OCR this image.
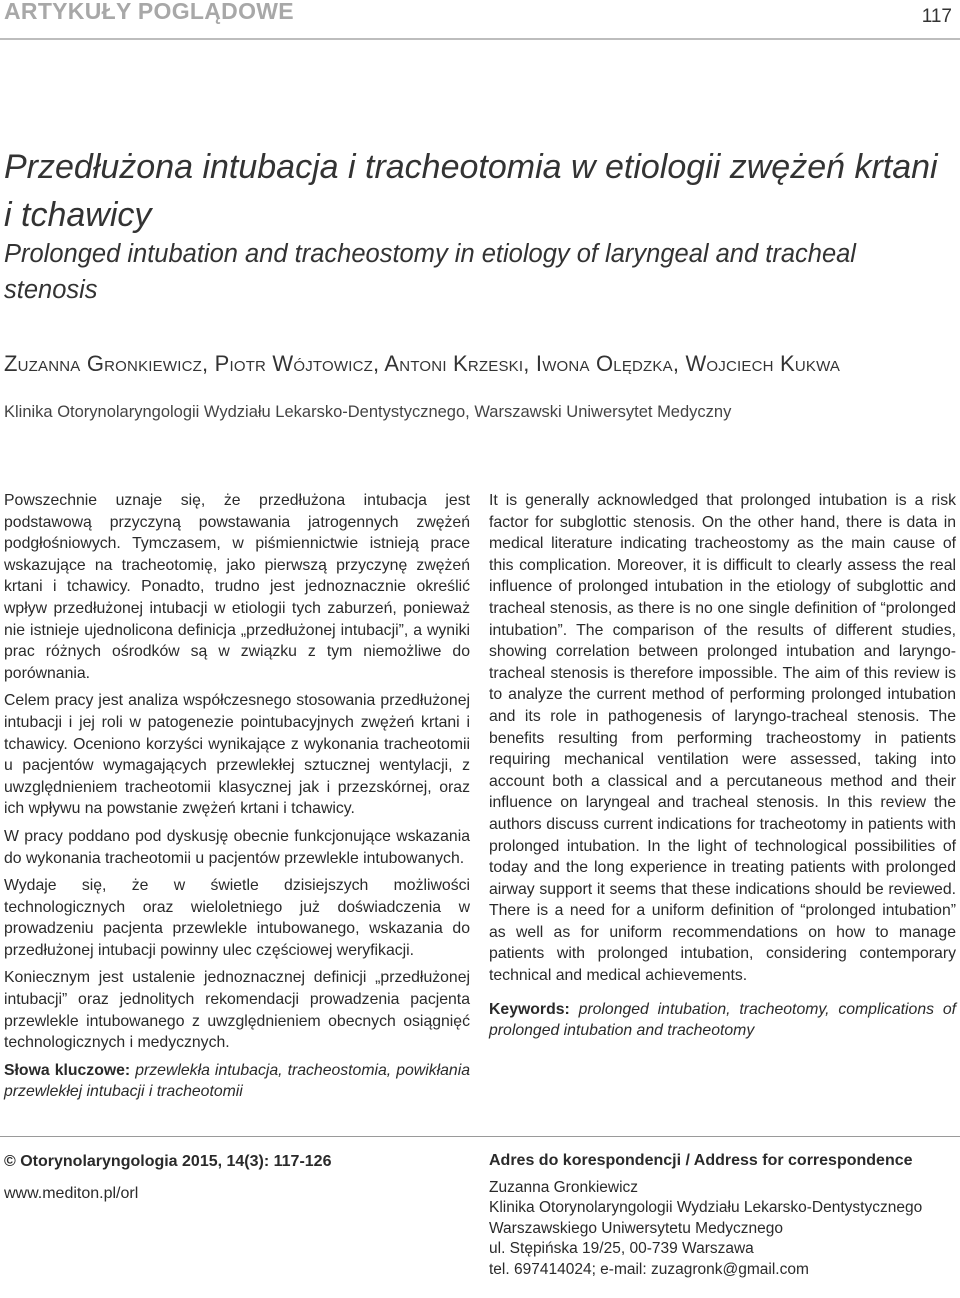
ARTYKUŁY POGLĄDOWE	117
Przedłużona intubacja i tracheotomia w etiologii zwężeń krtani i tchawicy
Prolonged intubation and tracheostomy in etiology of laryngeal and tracheal stenosis
Zuzanna Gronkiewicz, Piotr Wójtowicz, Antoni Krzeski, Iwona Olędzka, Wojciech Kukwa
Klinika Otorynolaryngologii Wydziału Lekarsko-Dentystycznego, Warszawski Uniwersytet Medyczny

Powszechnie uznaje się, że przedłużona intubacja jest podstawową przyczyną powstawania jatrogennych zwężeń podgłośniowych. Tymczasem, w piśmiennictwie istnieją prace wskazujące na tracheotomię, jako pierwszą przyczynę zwężeń krtani i tchawicy. Ponadto, trudno jest jednoznacznie określić wpływ przedłużonej intubacji w etiologii tych zaburzeń, ponieważ nie istnieje ujednolicona definicja „przedłużonej intubacji”, a wyniki prac różnych ośrodków są w związku z tym niemożliwe do porównania.

Celem pracy jest analiza współczesnego stosowania przedłużonej intubacji i jej roli w patogenezie pointubacyjnych zwężeń krtani i tchawicy. Oceniono korzyści wynikające z wykonania tracheotomii u pacjentów wymagających przewlekłej sztucznej wentylacji, z uwzględnieniem tracheotomii klasycznej jak i przezskórnej, oraz ich wpływu na powstanie zwężeń krtani i tchawicy.

W pracy poddano pod dyskusję obecnie funkcjonujące wskazania do wykonania tracheotomii u pacjentów przewlekle intubowanych.

Wydaje się, że w świetle dzisiejszych możliwości technologicznych oraz wieloletniego już doświadczenia w prowadzeniu pacjenta przewlekle intubowanego, wskazania do przedłużonej intubacji powinny ulec częściowej weryfikacji.

Koniecznym jest ustalenie jednoznacznej definicji „przedłużonej intubacji” oraz jednolitych rekomendacji prowadzenia pacjenta przewlekle intubowanego z uwzględnieniem obecnych osiągnięć technologicznych i medycznych.

Słowa kluczowe: przewlekła intubacja, tracheostomia, powikłania przewlekłej intubacji i tracheotomii

It is generally acknowledged that prolonged intubation is a risk factor for subglottic stenosis. On the other hand, there is data in medical literature indicating tracheostomy as the main cause of this complication. Moreover, it is difficult to clearly assess the real influence of prolonged intubation in the etiology of subglottic and tracheal stenosis, as there is no one single definition of “prolonged intubation”. The comparison of the results of different studies, showing correlation between prolonged intubation and laryngo-tracheal stenosis is therefore impossible. The aim of this review is to analyze the current method of performing prolonged intubation and its role in pathogenesis of laryngo-tracheal stenosis. The benefits resulting from performing tracheostomy in patients requiring mechanical ventilation were assessed, taking into account both a classical and a percutaneous method and their influence on laryngeal and tracheal stenosis. In this review the authors discuss current indications for tracheotomy in patients with prolonged intubation. In the light of technological possibilities of today and the long experience in treating patients with prolonged airway support it seems that these indications should be reviewed. There is a need for a uniform definition of “prolonged intubation” as well as for uniform recommendations on how to manage patients with prolonged intubation, considering contemporary technical and medical achievements.

Keywords: prolonged intubation, tracheotomy, complications of prolonged intubation and tracheotomy

© Otorynolaryngologia 2015, 14(3): 117-126
www.mediton.pl/orl
Adres do korespondencji / Address for correspondence
Zuzanna Gronkiewicz
Klinika Otorynolaryngologii Wydziału Lekarsko-Dentystycznego
Warszawskiego Uniwersytetu Medycznego
ul. Stępińska 19/25, 00-739 Warszawa
tel. 697414024; e-mail: zuzagronk@gmail.com
